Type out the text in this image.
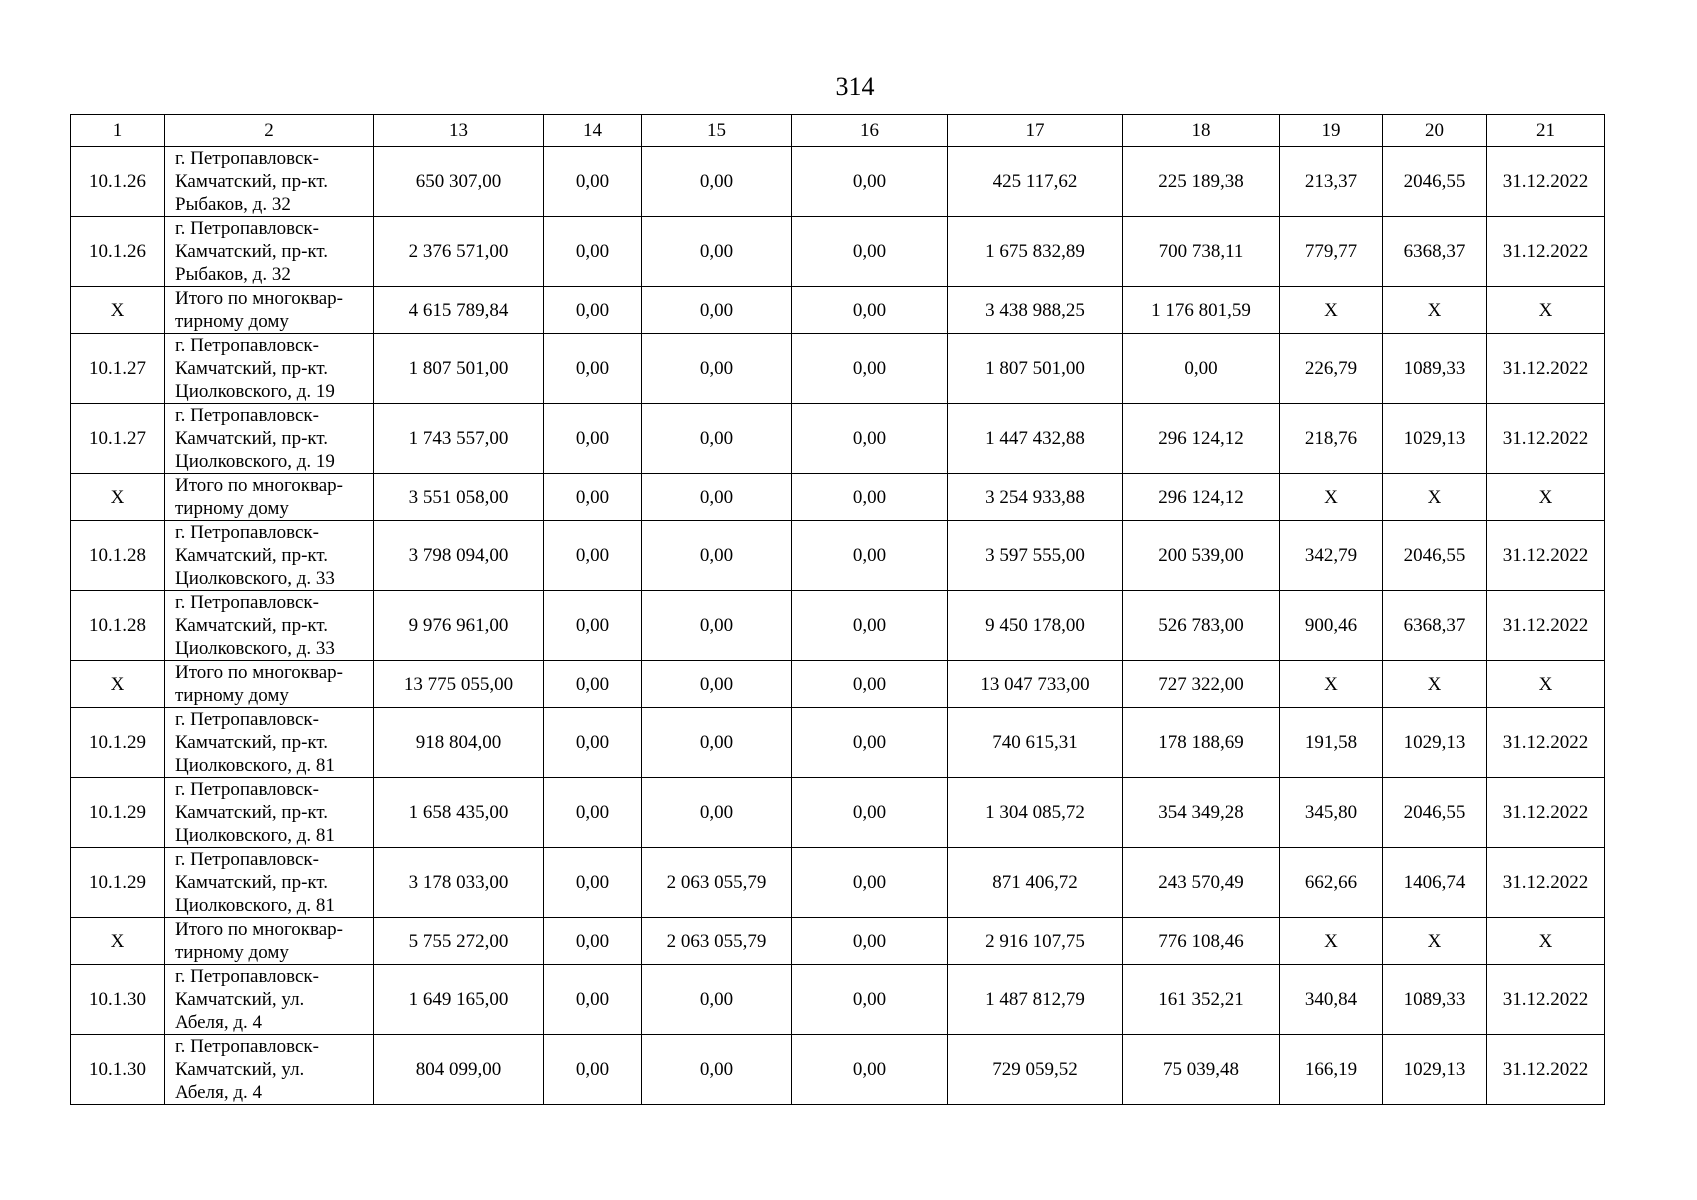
314
1	2	13	14	15	16	17	18	19	20	21
10.1.26	г. Петропавловск-
Камчатский, пр-кт.
Рыбаков, д. 32	650 307,00	0,00	0,00	0,00	425 117,62	225 189,38	213,37	2046,55	31.12.2022
10.1.26	г. Петропавловск-
Камчатский, пр-кт.
Рыбаков, д. 32	2 376 571,00	0,00	0,00	0,00	1 675 832,89	700 738,11	779,77	6368,37	31.12.2022
X	Итого по многоквар-
тирному дому	4 615 789,84	0,00	0,00	0,00	3 438 988,25	1 176 801,59	X	X	X
10.1.27	г. Петропавловск-
Камчатский, пр-кт.
Циолковского, д. 19	1 807 501,00	0,00	0,00	0,00	1 807 501,00	0,00	226,79	1089,33	31.12.2022
10.1.27	г. Петропавловск-
Камчатский, пр-кт.
Циолковского, д. 19	1 743 557,00	0,00	0,00	0,00	1 447 432,88	296 124,12	218,76	1029,13	31.12.2022
X	Итого по многоквар-
тирному дому	3 551 058,00	0,00	0,00	0,00	3 254 933,88	296 124,12	X	X	X
10.1.28	г. Петропавловск-
Камчатский, пр-кт.
Циолковского, д. 33	3 798 094,00	0,00	0,00	0,00	3 597 555,00	200 539,00	342,79	2046,55	31.12.2022
10.1.28	г. Петропавловск-
Камчатский, пр-кт.
Циолковского, д. 33	9 976 961,00	0,00	0,00	0,00	9 450 178,00	526 783,00	900,46	6368,37	31.12.2022
X	Итого по многоквар-
тирному дому	13 775 055,00	0,00	0,00	0,00	13 047 733,00	727 322,00	X	X	X
10.1.29	г. Петропавловск-
Камчатский, пр-кт.
Циолковского, д. 81	918 804,00	0,00	0,00	0,00	740 615,31	178 188,69	191,58	1029,13	31.12.2022
10.1.29	г. Петропавловск-
Камчатский, пр-кт.
Циолковского, д. 81	1 658 435,00	0,00	0,00	0,00	1 304 085,72	354 349,28	345,80	2046,55	31.12.2022
10.1.29	г. Петропавловск-
Камчатский, пр-кт.
Циолковского, д. 81	3 178 033,00	0,00	2 063 055,79	0,00	871 406,72	243 570,49	662,66	1406,74	31.12.2022
X	Итого по многоквар-
тирному дому	5 755 272,00	0,00	2 063 055,79	0,00	2 916 107,75	776 108,46	X	X	X
10.1.30	г. Петропавловск-
Камчатский, ул.
Абеля, д. 4	1 649 165,00	0,00	0,00	0,00	1 487 812,79	161 352,21	340,84	1089,33	31.12.2022
10.1.30	г. Петропавловск-
Камчатский, ул.
Абеля, д. 4	804 099,00	0,00	0,00	0,00	729 059,52	75 039,48	166,19	1029,13	31.12.2022
